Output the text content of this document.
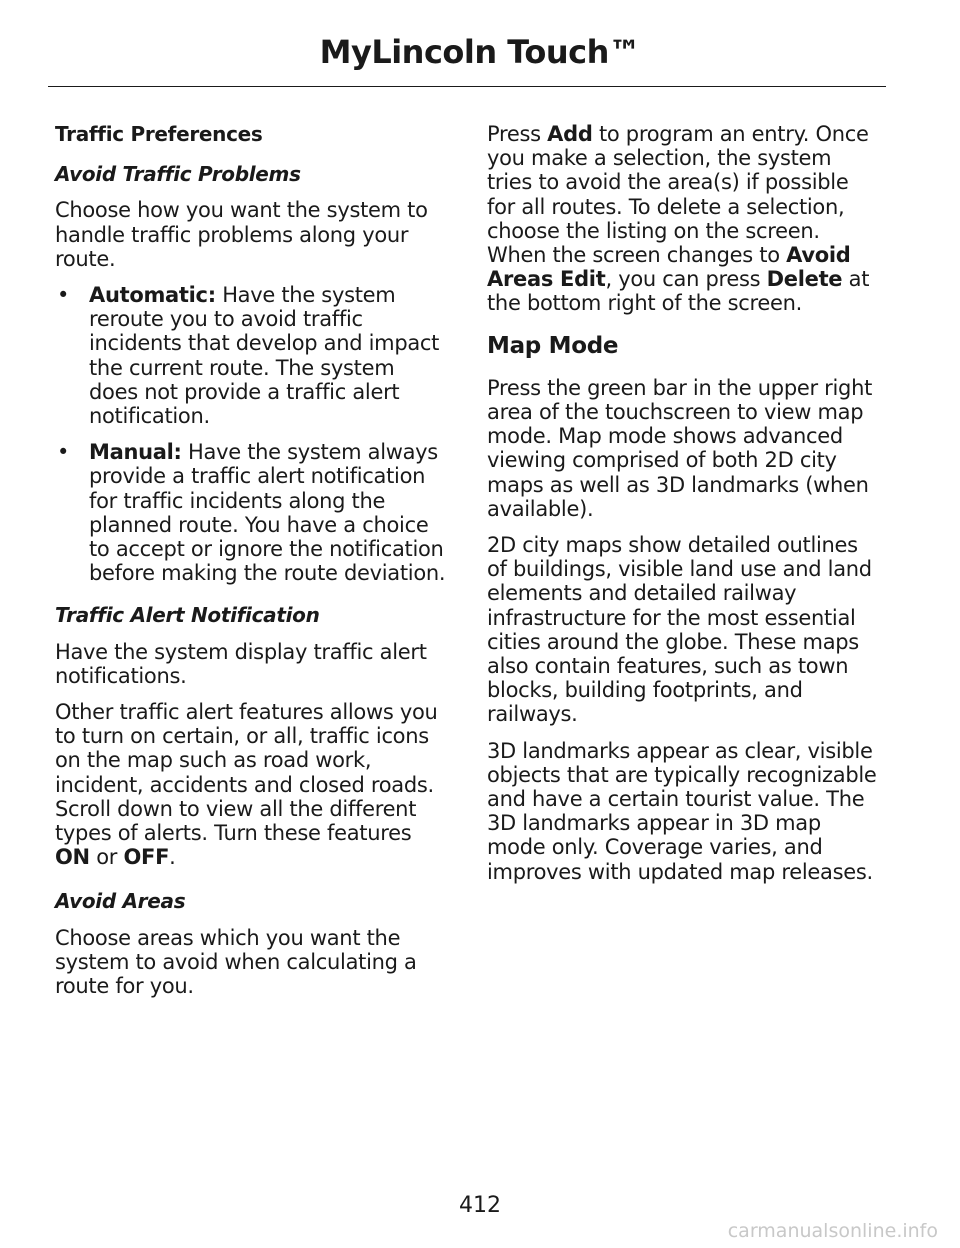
MyLincoln Touch™

Traffic Preferences

Avoid Traffic Problems

Choose how you want the system to handle traffic problems along your route.

• Automatic: Have the system reroute you to avoid traffic incidents that develop and impact the current route. The system does not provide a traffic alert notification.
• Manual: Have the system always provide a traffic alert notification for traffic incidents along the planned route. You have a choice to accept or ignore the notification before making the route deviation.

Traffic Alert Notification

Have the system display traffic alert notifications.

Other traffic alert features allows you to turn on certain, or all, traffic icons on the map such as road work, incident, accidents and closed roads. Scroll down to view all the different types of alerts. Turn these features ON or OFF.

Avoid Areas

Choose areas which you want the system to avoid when calculating a route for you.

Press Add to program an entry. Once you make a selection, the system tries to avoid the area(s) if possible for all routes. To delete a selection, choose the listing on the screen. When the screen changes to Avoid Areas Edit, you can press Delete at the bottom right of the screen.

Map Mode

Press the green bar in the upper right area of the touchscreen to view map mode. Map mode shows advanced viewing comprised of both 2D city maps as well as 3D landmarks (when available).

2D city maps show detailed outlines of buildings, visible land use and land elements and detailed railway infrastructure for the most essential cities around the globe. These maps also contain features, such as town blocks, building footprints, and railways.

3D landmarks appear as clear, visible objects that are typically recognizable and have a certain tourist value. The 3D landmarks appear in 3D map mode only. Coverage varies, and improves with updated map releases.

412
carmanualsonline.info
